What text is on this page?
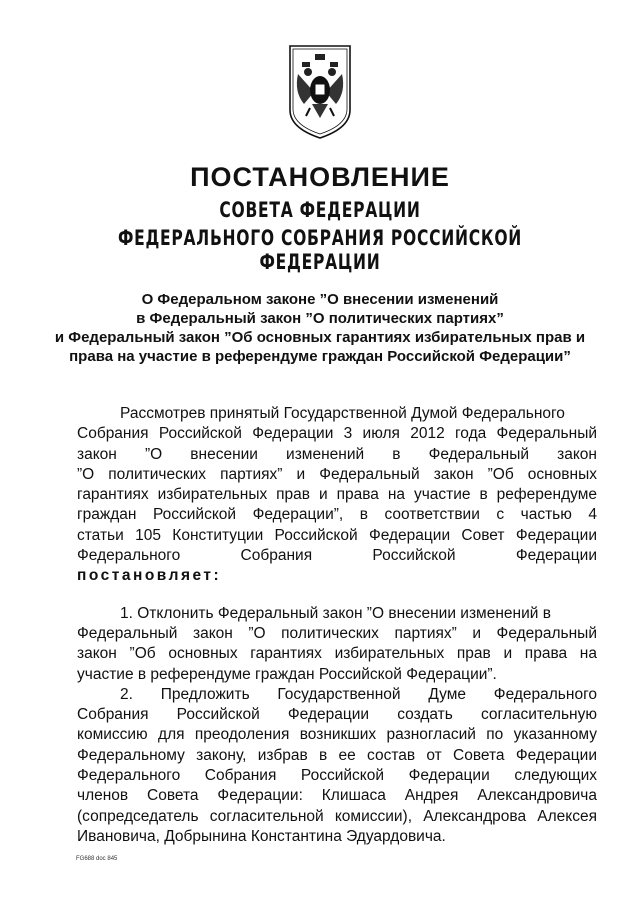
ПОСТАНОВЛЕНИЕ
СОВЕТА ФЕДЕРАЦИИ
ФЕДЕРАЛЬНОГО СОБРАНИЯ РОССИЙСКОЙ ФЕДЕРАЦИИ
О Федеральном законе ”О внесении изменений
в Федеральный закон ”О политических партиях”
и Федеральный закон ”Об основных гарантиях избирательных прав и
права на участие в референдуме граждан Российской Федерации”
Рассмотрев принятый Государственной Думой Федерального
Собрания Российской Федерации 3 июля 2012 года Федеральный
закон ”О внесении изменений в Федеральный закон
”О политических партиях” и Федеральный закон ”Об основных
гарантиях избирательных прав и права на участие в референдуме
граждан Российской Федерации”, в соответствии с частью 4
статьи 105 Конституции Российской Федерации Совет Федерации
Федерального Собрания Российской Федерации
постановляет:
1. Отклонить Федеральный закон ”О внесении изменений в
Федеральный закон ”О политических партиях” и Федеральный
закон ”Об основных гарантиях избирательных прав и права на
участие в референдуме граждан Российской Федерации”.
2. Предложить Государственной Думе Федерального
Собрания Российской Федерации создать согласительную
комиссию для преодоления возникших разногласий по указанному
Федеральному закону, избрав в ее состав от Совета Федерации
Федерального Собрания Российской Федерации следующих
членов Совета Федерации: Клишаса Андрея Александровича
(сопредседатель согласительной комиссии), Александрова Алексея
Ивановича, Добрынина Константина Эдуардовича.
FG688 doc 845
